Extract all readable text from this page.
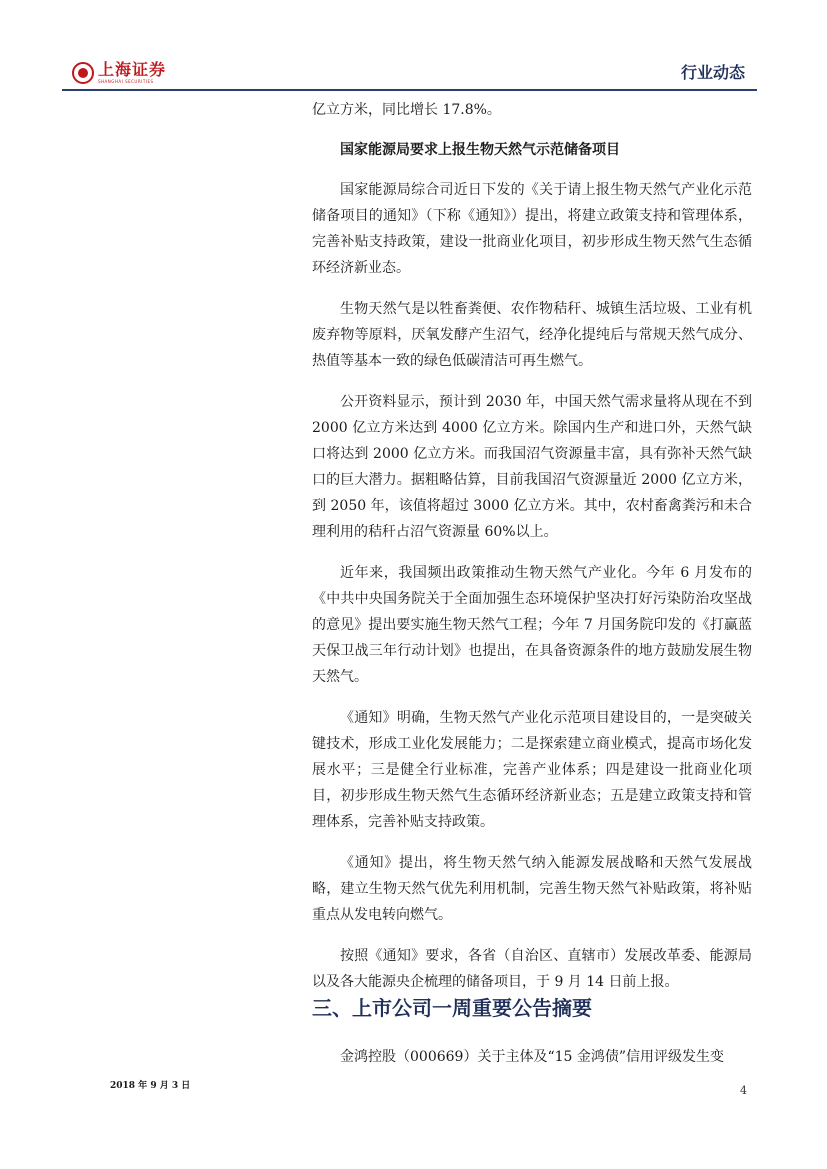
上海证券
SHANGHAI SECURITIES	行业动态

亿立方米，同比增长 17.8%。

国家能源局要求上报生物天然气示范储备项目

国家能源局综合司近日下发的《关于请上报生物天然气产业化示范储备项目的通知》（下称《通知》）提出，将建立政策支持和管理体系，完善补贴支持政策，建设一批商业化项目，初步形成生物天然气生态循环经济新业态。

生物天然气是以牲畜粪便、农作物秸秆、城镇生活垃圾、工业有机废弃物等原料，厌氧发酵产生沼气，经净化提纯后与常规天然气成分、热值等基本一致的绿色低碳清洁可再生燃气。

公开资料显示，预计到 2030 年，中国天然气需求量将从现在不到 2000 亿立方米达到 4000 亿立方米。除国内生产和进口外，天然气缺口将达到 2000 亿立方米。而我国沼气资源量丰富，具有弥补天然气缺口的巨大潜力。据粗略估算，目前我国沼气资源量近 2000 亿立方米，到 2050 年，该值将超过 3000 亿立方米。其中，农村畜禽粪污和未合理利用的秸秆占沼气资源量 60%以上。

近年来，我国频出政策推动生物天然气产业化。今年 6 月发布的《中共中央国务院关于全面加强生态环境保护坚决打好污染防治攻坚战的意见》提出要实施生物天然气工程；今年 7 月国务院印发的《打赢蓝天保卫战三年行动计划》也提出，在具备资源条件的地方鼓励发展生物天然气。

《通知》明确，生物天然气产业化示范项目建设目的，一是突破关键技术，形成工业化发展能力；二是探索建立商业模式，提高市场化发展水平；三是健全行业标准，完善产业体系；四是建设一批商业化项目，初步形成生物天然气生态循环经济新业态；五是建立政策支持和管理体系，完善补贴支持政策。

《通知》提出，将生物天然气纳入能源发展战略和天然气发展战略，建立生物天然气优先利用机制，完善生物天然气补贴政策，将补贴重点从发电转向燃气。

按照《通知》要求，各省（自治区、直辖市）发展改革委、能源局以及各大能源央企梳理的储备项目，于 9 月 14 日前上报。

三、上市公司一周重要公告摘要

金鸿控股（000669）关于主体及“15 金鸿债”信用评级发生变

2018 年 9 月 3 日	4
